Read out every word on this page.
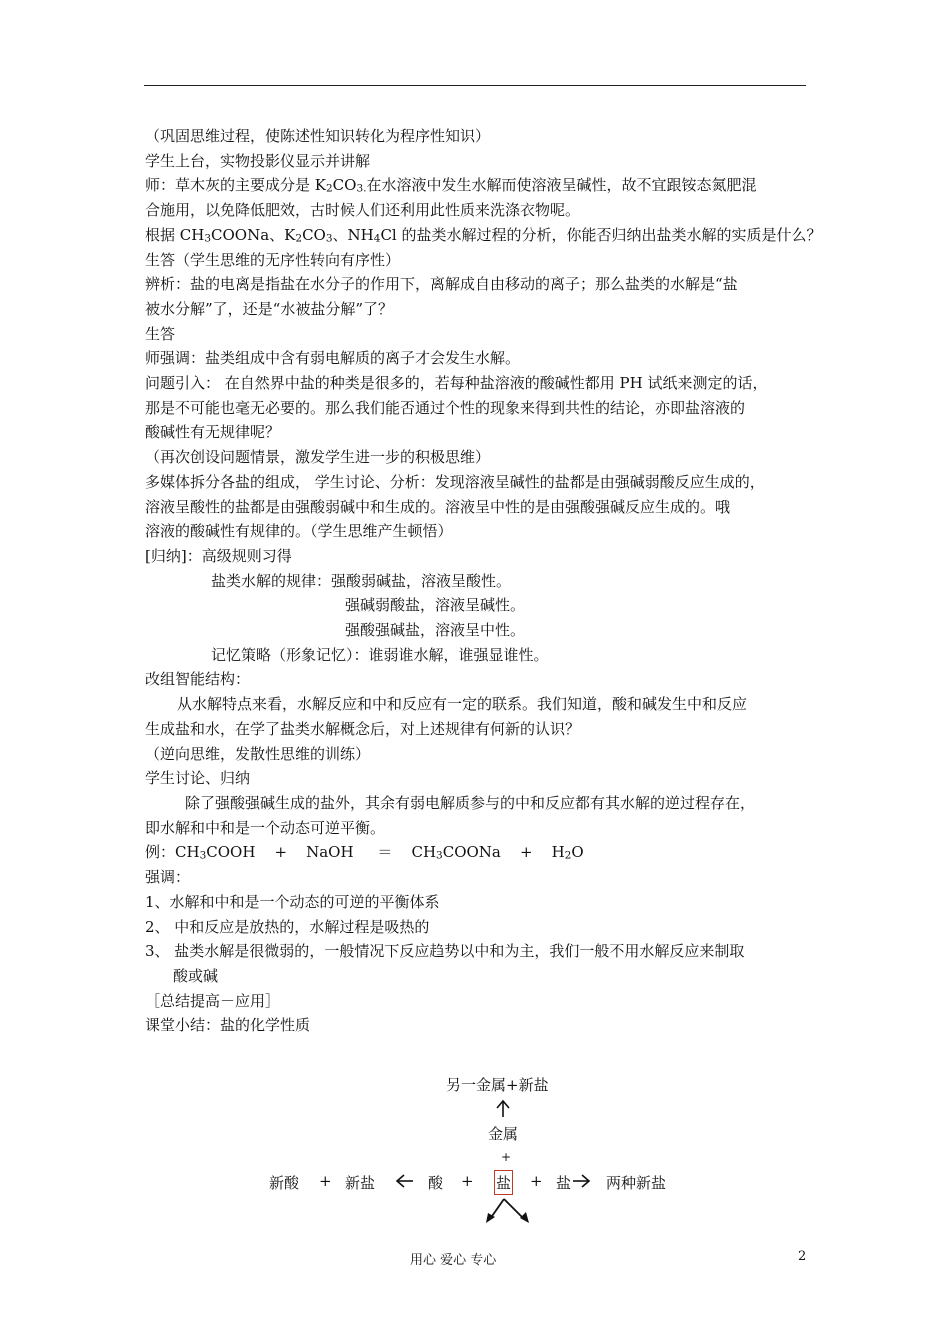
（巩固思维过程，使陈述性知识转化为程序性知识）

学生上台，实物投影仪显示并讲解

师：草木灰的主要成分是 $K_2CO_{3.}$在水溶液中发生水解而使溶液呈碱性，故不宜跟铵态氮肥混

合施用，以免降低肥效，古时候人们还利用此性质来洗涤衣物呢。

根据 $CH_3COONa$、$K_2CO_3$、$NH_4Cl$ 的盐类水解过程的分析，你能否归纳出盐类水解的实质是什么？

生答（学生思维的无序性转向有序性）

辨析：盐的电离是指盐在水分子的作用下，离解成自由移动的离子；那么盐类的水解是“盐

被水分解”了，还是“水被盐分解”了？

生答

师强调：盐类组成中含有弱电解质的离子才会发生水解。

问题引入： 在自然界中盐的种类是很多的，若每种盐溶液的酸碱性都用 PH 试纸来测定的话，

那是不可能也毫无必要的。那么我们能否通过个性的现象来得到共性的结论，亦即盐溶液的

酸碱性有无规律呢？

（再次创设问题情景，激发学生进一步的积极思维）

多媒体拆分各盐的组成， 学生讨论、分析：发现溶液呈碱性的盐都是由强碱弱酸反应生成的，

溶液呈酸性的盐都是由强酸弱碱中和生成的。溶液呈中性的是由强酸强碱反应生成的。哦

溶液的酸碱性有规律的。（学生思维产生顿悟）

[归纳]：高级规则习得

盐类水解的规律：强酸弱碱盐，溶液呈酸性。

强碱弱酸盐，溶液呈碱性。

强酸强碱盐，溶液呈中性。

记忆策略（形象记忆）：谁弱谁水解，谁强显谁性。

改组智能结构：

从水解特点来看，水解反应和中和反应有一定的联系。我们知道，酸和碱发生中和反应

生成盐和水，在学了盐类水解概念后，对上述规律有何新的认识？

（逆向思维，发散性思维的训练）

学生讨论、归纳

除了强酸强碱生成的盐外，其余有弱电解质参与的中和反应都有其水解的逆过程存在，

即水解和中和是一个动态可逆平衡。

例：$CH_3COOH$    +    NaOH     ＝    $CH_3COONa$    +    $H_2O$

强调：

1、水解和中和是一个动态的可逆的平衡体系

2、 中和反应是放热的，水解过程是吸热的

3、 盐类水解是很微弱的，一般情况下反应趋势以中和为主，我们一般不用水解反应来制取

酸或碱

［总结提高－应用］

课堂小结：盐的化学性质

另一金属+新盐
金属
+
新酸 + 新盐	酸 + 盐 + 盐 两种新盐
用心 爱心 专心	2
